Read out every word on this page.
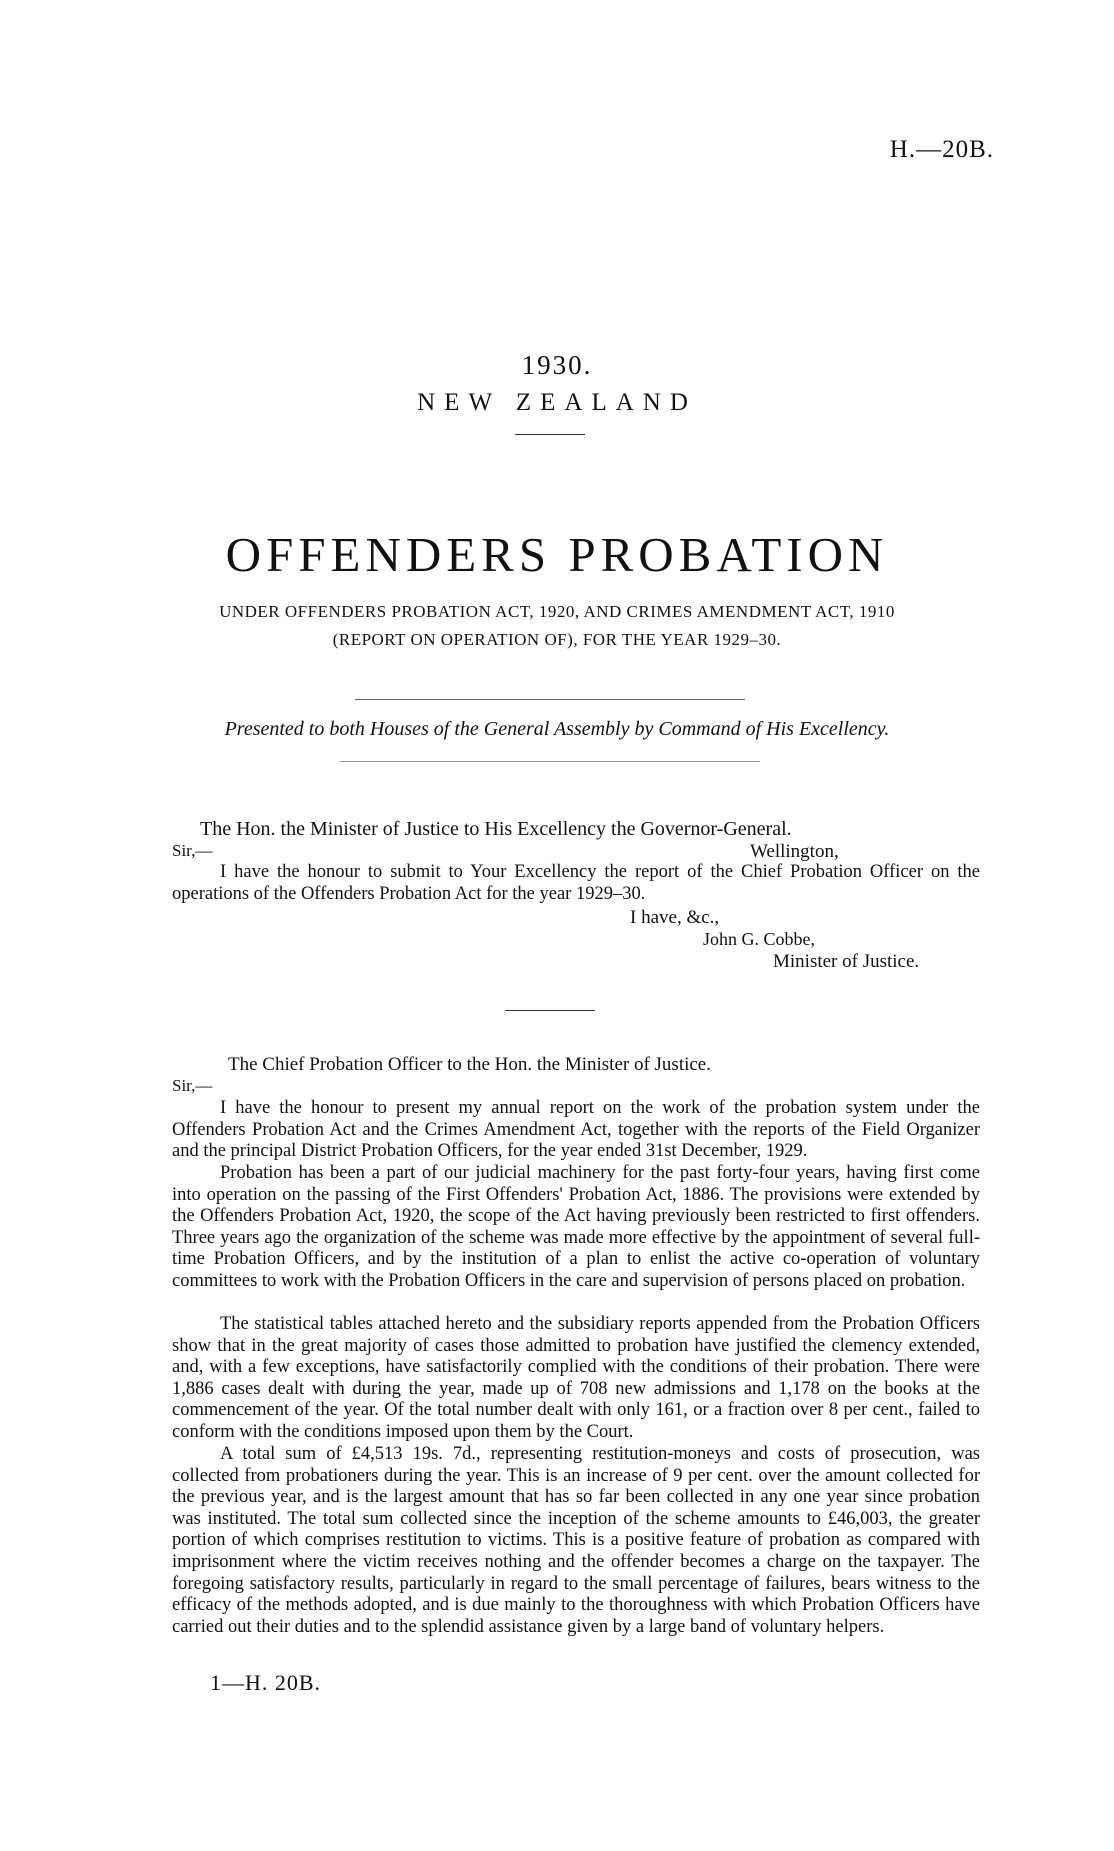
H.—20B.
1930.
NEW ZEALAND
OFFENDERS PROBATION
UNDER OFFENDERS PROBATION ACT, 1920, AND CRIMES AMENDMENT ACT, 1910
(REPORT ON OPERATION OF), FOR THE YEAR 1929–30.
Presented to both Houses of the General Assembly by Command of His Excellency.
The Hon. the Minister of Justice to His Excellency the Governor-General.
Sir,—	Wellington,
I have the honour to submit to Your Excellency the report of the Chief Probation Officer on the operations of the Offenders Probation Act for the year 1929–30.
I have, &c.,
John G. Cobbe,
Minister of Justice.
The Chief Probation Officer to the Hon. the Minister of Justice.
Sir,—
I have the honour to present my annual report on the work of the probation system under the Offenders Probation Act and the Crimes Amendment Act, together with the reports of the Field Organizer and the principal District Probation Officers, for the year ended 31st December, 1929.
Probation has been a part of our judicial machinery for the past forty-four years, having first come into operation on the passing of the First Offenders' Probation Act, 1886. The provisions were extended by the Offenders Probation Act, 1920, the scope of the Act having previously been restricted to first offenders. Three years ago the organization of the scheme was made more effective by the appointment of several full-time Probation Officers, and by the institution of a plan to enlist the active co-operation of voluntary committees to work with the Probation Officers in the care and supervision of persons placed on probation.
The statistical tables attached hereto and the subsidiary reports appended from the Probation Officers show that in the great majority of cases those admitted to probation have justified the clemency extended, and, with a few exceptions, have satisfactorily complied with the conditions of their probation. There were 1,886 cases dealt with during the year, made up of 708 new admissions and 1,178 on the books at the commencement of the year. Of the total number dealt with only 161, or a fraction over 8 per cent., failed to conform with the conditions imposed upon them by the Court.
A total sum of £4,513 19s. 7d., representing restitution-moneys and costs of prosecution, was collected from probationers during the year. This is an increase of 9 per cent. over the amount collected for the previous year, and is the largest amount that has so far been collected in any one year since probation was instituted. The total sum collected since the inception of the scheme amounts to £46,003, the greater portion of which comprises restitution to victims. This is a positive feature of probation as compared with imprisonment where the victim receives nothing and the offender becomes a charge on the taxpayer. The foregoing satisfactory results, particularly in regard to the small percentage of failures, bears witness to the efficacy of the methods adopted, and is due mainly to the thoroughness with which Probation Officers have carried out their duties and to the splendid assistance given by a large band of voluntary helpers.
1—H. 20B.
